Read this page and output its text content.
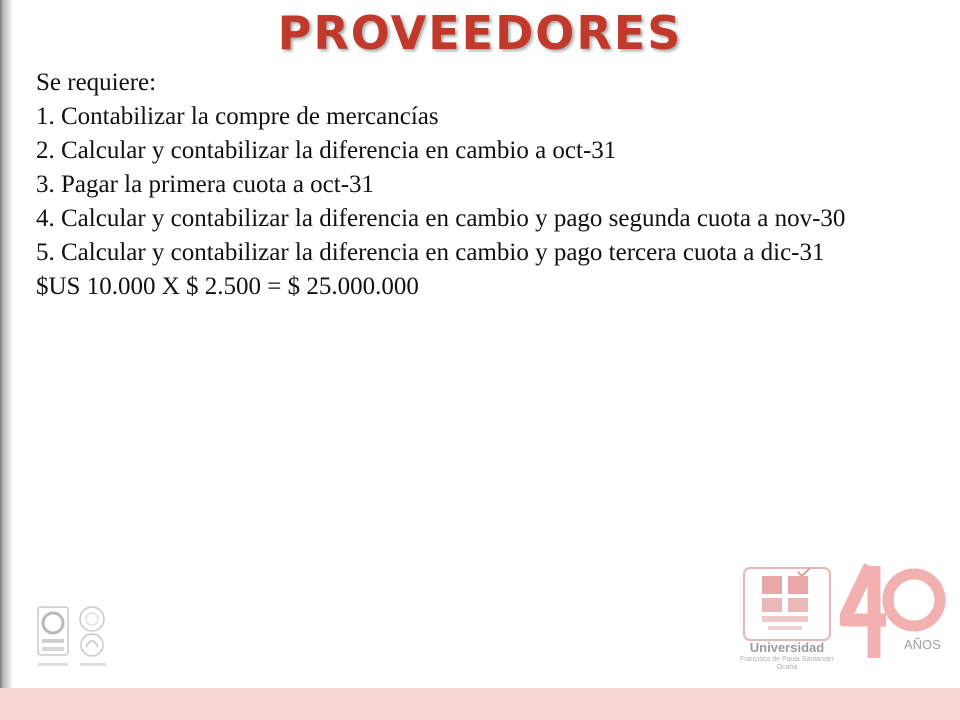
PROVEEDORES

Se requiere:

1. Contabilizar la compre de mercancías

2. Calcular y contabilizar la diferencia en cambio a oct-31

3. Pagar la primera cuota a oct-31

4. Calcular y contabilizar la diferencia en cambio y pago segunda cuota a nov-30

5. Calcular y contabilizar la diferencia en cambio y pago tercera cuota a dic-31

$US 10.000 X $ 2.500 = $ 25.000.000

Universidad
Francisco de Paula Santander
Ocaña
AÑOS
